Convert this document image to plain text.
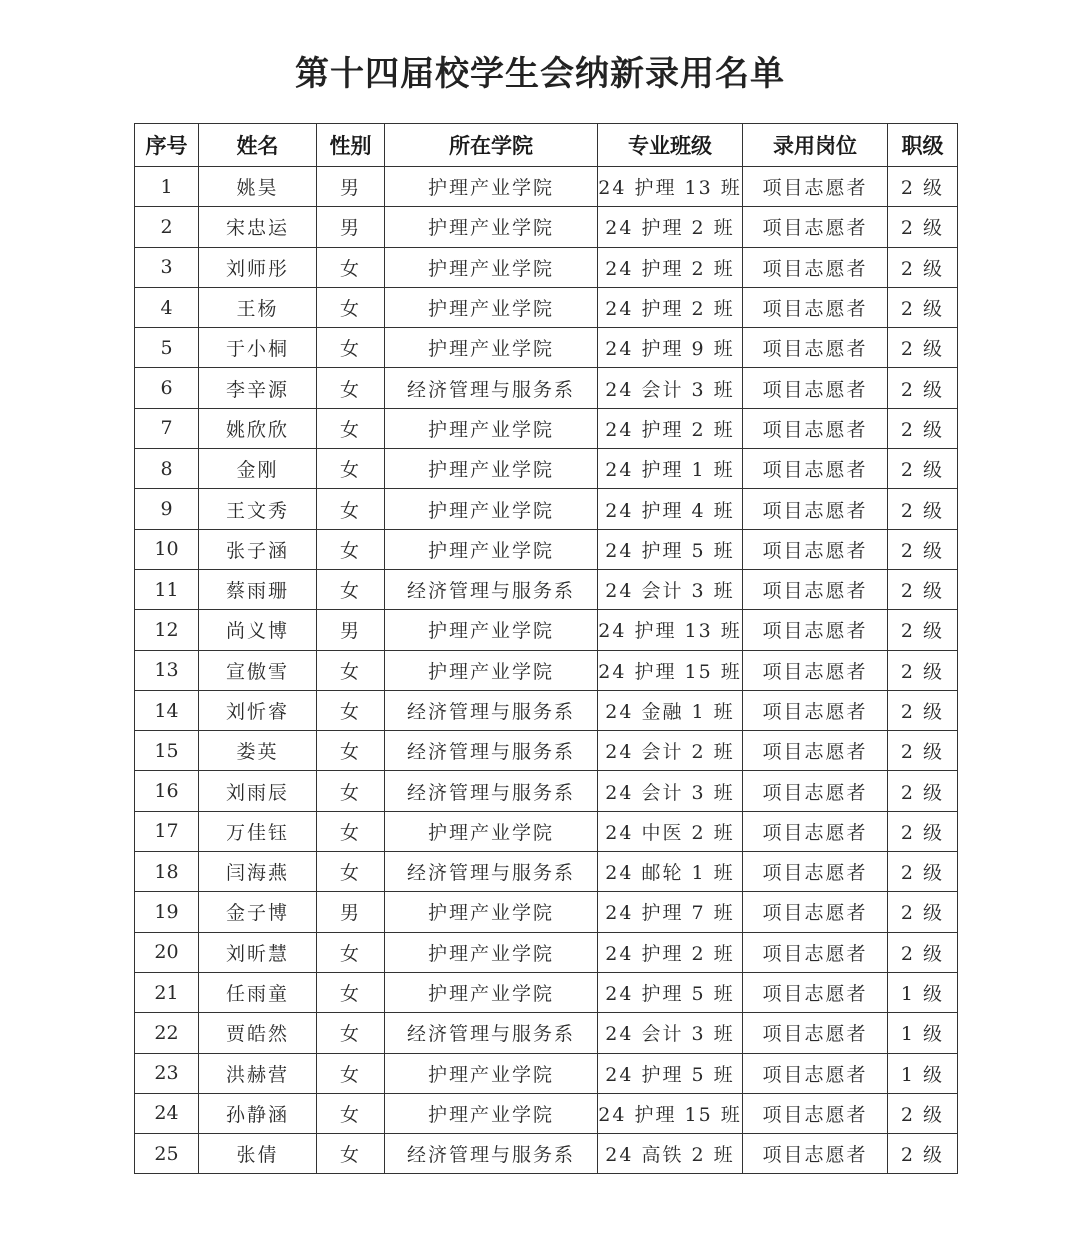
第十四届校学生会纳新录用名单
序号	姓名	性别	所在学院	专业班级	录用岗位	职级
1	姚昊	男	护理产业学院	24 护理 13 班	项目志愿者	2 级
2	宋忠运	男	护理产业学院	24 护理 2 班	项目志愿者	2 级
3	刘师彤	女	护理产业学院	24 护理 2 班	项目志愿者	2 级
4	王杨	女	护理产业学院	24 护理 2 班	项目志愿者	2 级
5	于小桐	女	护理产业学院	24 护理 9 班	项目志愿者	2 级
6	李辛源	女	经济管理与服务系	24 会计 3 班	项目志愿者	2 级
7	姚欣欣	女	护理产业学院	24 护理 2 班	项目志愿者	2 级
8	金刚	女	护理产业学院	24 护理 1 班	项目志愿者	2 级
9	王文秀	女	护理产业学院	24 护理 4 班	项目志愿者	2 级
10	张子涵	女	护理产业学院	24 护理 5 班	项目志愿者	2 级
11	蔡雨珊	女	经济管理与服务系	24 会计 3 班	项目志愿者	2 级
12	尚义博	男	护理产业学院	24 护理 13 班	项目志愿者	2 级
13	宣傲雪	女	护理产业学院	24 护理 15 班	项目志愿者	2 级
14	刘忻睿	女	经济管理与服务系	24 金融 1 班	项目志愿者	2 级
15	娄英	女	经济管理与服务系	24 会计 2 班	项目志愿者	2 级
16	刘雨辰	女	经济管理与服务系	24 会计 3 班	项目志愿者	2 级
17	万佳钰	女	护理产业学院	24 中医 2 班	项目志愿者	2 级
18	闫海燕	女	经济管理与服务系	24 邮轮 1 班	项目志愿者	2 级
19	金子博	男	护理产业学院	24 护理 7 班	项目志愿者	2 级
20	刘昕慧	女	护理产业学院	24 护理 2 班	项目志愿者	2 级
21	任雨童	女	护理产业学院	24 护理 5 班	项目志愿者	1 级
22	贾皓然	女	经济管理与服务系	24 会计 3 班	项目志愿者	1 级
23	洪赫营	女	护理产业学院	24 护理 5 班	项目志愿者	1 级
24	孙静涵	女	护理产业学院	24 护理 15 班	项目志愿者	2 级
25	张倩	女	经济管理与服务系	24 高铁 2 班	项目志愿者	2 级
